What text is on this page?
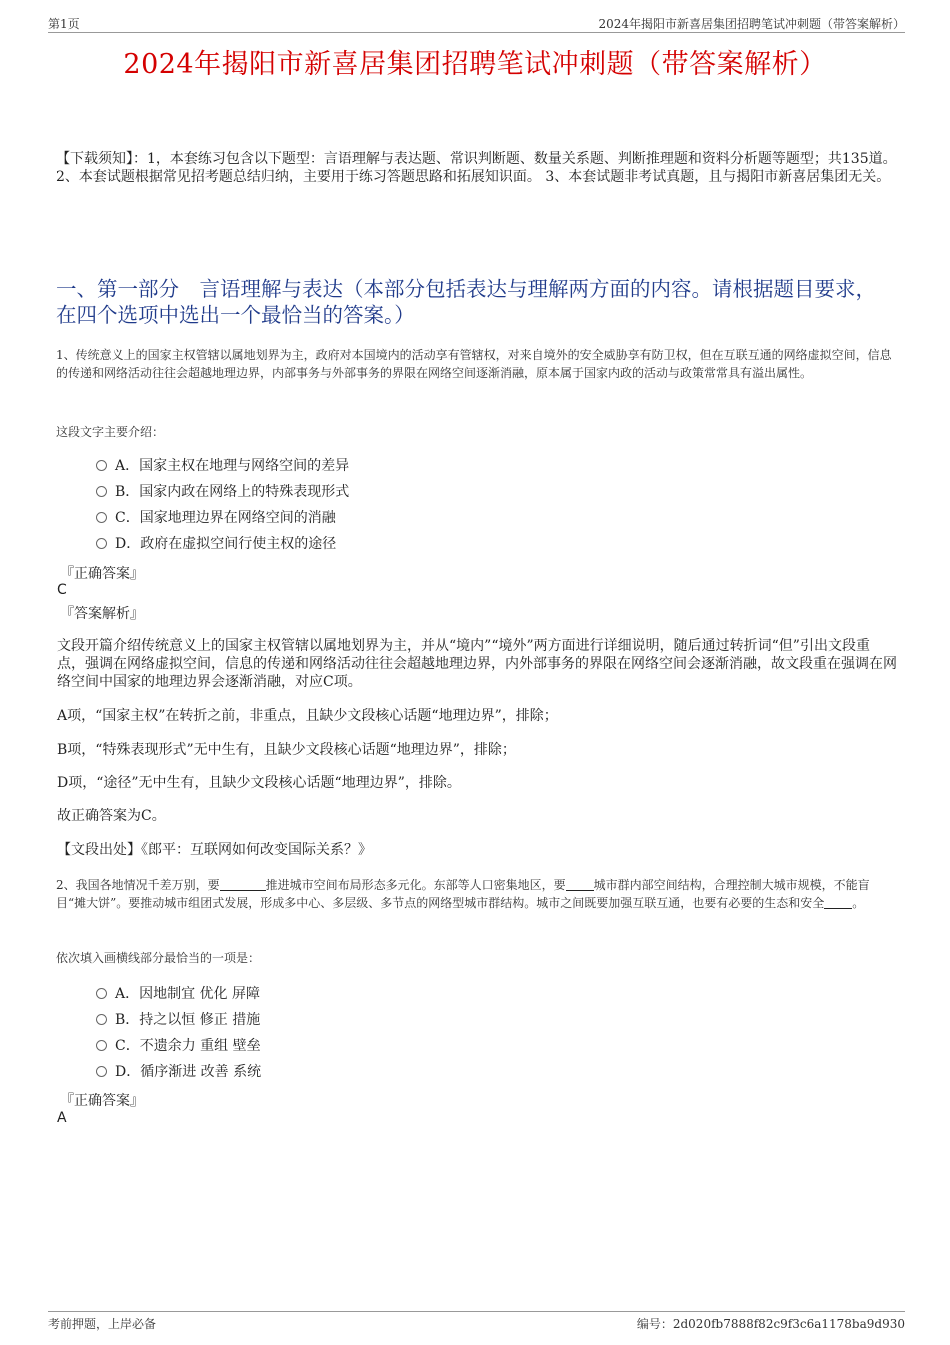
第1页	2024年揭阳市新喜居集团招聘笔试冲刺题（带答案解析）
2024年揭阳市新喜居集团招聘笔试冲刺题（带答案解析）
【下载须知】：1，本套练习包含以下题型：言语理解与表达题、常识判断题、数量关系题、判断推理题和资料分析题等题型；共135道。 2、本套试题根据常见招考题总结归纳，主要用于练习答题思路和拓展知识面。 3、本套试题非考试真题，且与揭阳市新喜居集团无关。
一、第一部分　言语理解与表达（本部分包括表达与理解两方面的内容。请根据题目要求，在四个选项中选出一个最恰当的答案。）
1、传统意义上的国家主权管辖以属地划界为主，政府对本国境内的活动享有管辖权，对来自境外的安全威胁享有防卫权，但在互联互通的网络虚拟空间，信息的传递和网络活动往往会超越地理边界，内部事务与外部事务的界限在网络空间逐渐消融，原本属于国家内政的活动与政策常常具有溢出属性。
这段文字主要介绍：
A．国家主权在地理与网络空间的差异
B．国家内政在网络上的特殊表现形式
C．国家地理边界在网络空间的消融
D．政府在虚拟空间行使主权的途径
『正确答案』
C
『答案解析』
文段开篇介绍传统意义上的国家主权管辖以属地划界为主，并从“境内”“境外”两方面进行详细说明，随后通过转折词“但”引出文段重点，强调在网络虚拟空间，信息的传递和网络活动往往会超越地理边界，内外部事务的界限在网络空间会逐渐消融，故文段重在强调在网络空间中国家的地理边界会逐渐消融，对应C项。
A项，“国家主权”在转折之前，非重点，且缺少文段核心话题“地理边界”，排除；
B项，“特殊表现形式”无中生有，且缺少文段核心话题“地理边界”，排除；
D项，“途径”无中生有，且缺少文段核心话题“地理边界”，排除。
故正确答案为C。
【文段出处】《郎平：互联网如何改变国际关系？》
2、我国各地情况千差万别，要	推进城市空间布局形态多元化。东部等人口密集地区，要 城市群内部空间结构，合理控制大城市规模，不能盲目“摊大饼”。要推动城市组团式发展，形成多中心、多层级、多节点的网络型城市群结构。城市之间既要加强互联互通，也要有必要的生态和安全 。
依次填入画横线部分最恰当的一项是：
A．因地制宜 优化 屏障
B．持之以恒 修正 措施
C．不遗余力 重组 壁垒
D．循序渐进 改善 系统
『正确答案』
A
考前押题，上岸必备	编号：2d020fb7888f82c9f3c6a1178ba9d930
